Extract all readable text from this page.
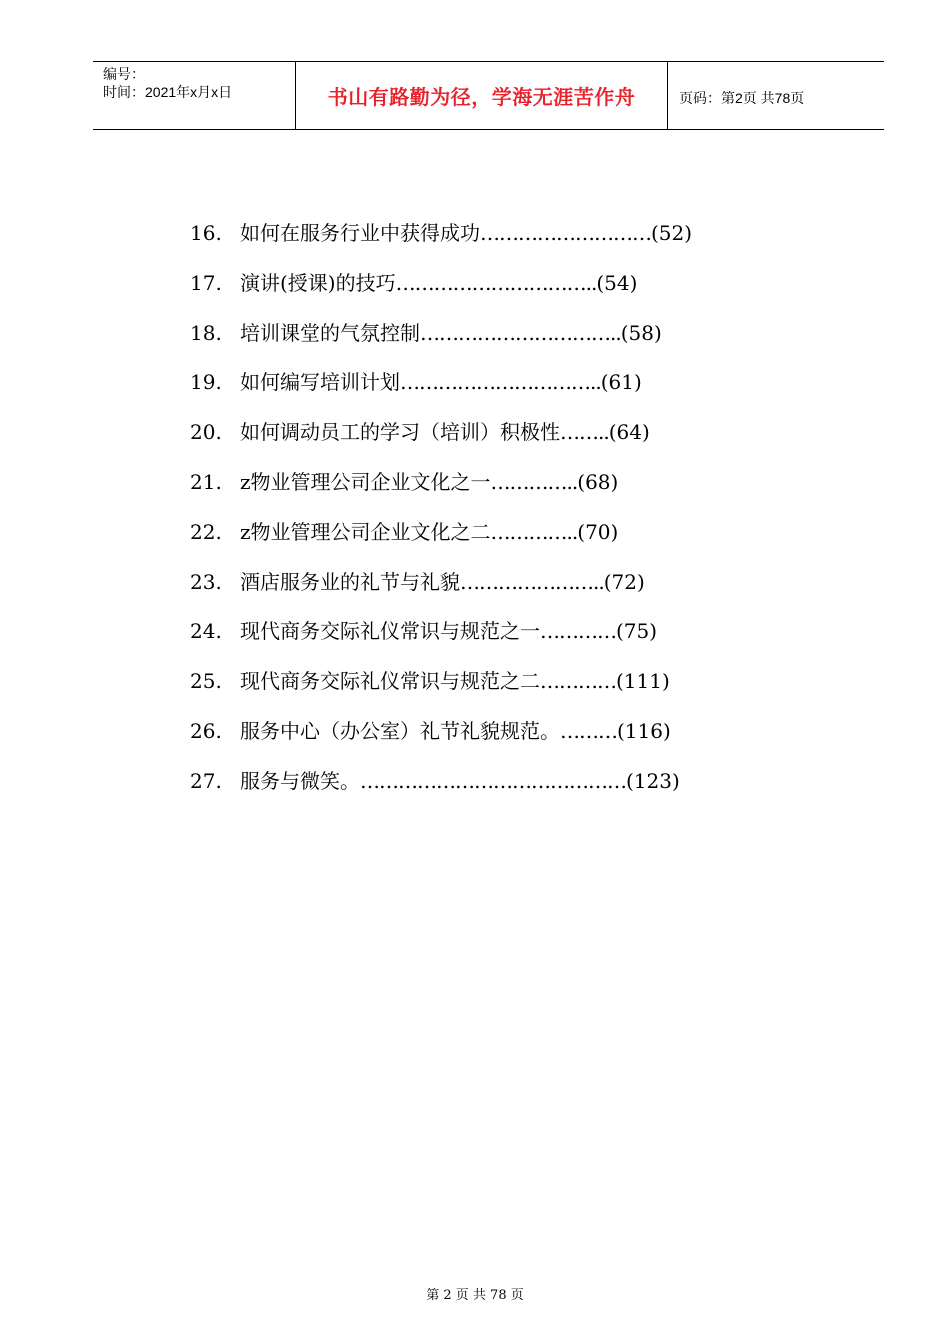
编号：
时间：2021年x月x日	书山有路勤为径，学海无涯苦作舟	页码：第2页 共78页
16. 如何在服务行业中获得成功………………………(52)
17. 演讲(授课)的技巧…………………………..(54)
18. 培训课堂的气氛控制…………………………..(58)
19. 如何编写培训计划…………………………..(61)
20. 如何调动员工的学习（培训）积极性……..(64)
21. z物业管理公司企业文化之一…………..(68)
22. z物业管理公司企业文化之二…………..(70)
23. 酒店服务业的礼节与礼貌…………………..(72)
24. 现代商务交际礼仪常识与规范之一…………(75)
25. 现代商务交际礼仪常识与规范之二…………(111)
26. 服务中心（办公室）礼节礼貌规范。………(116)
27. 服务与微笑。……………………………………(123)
第 2 页 共 78 页
